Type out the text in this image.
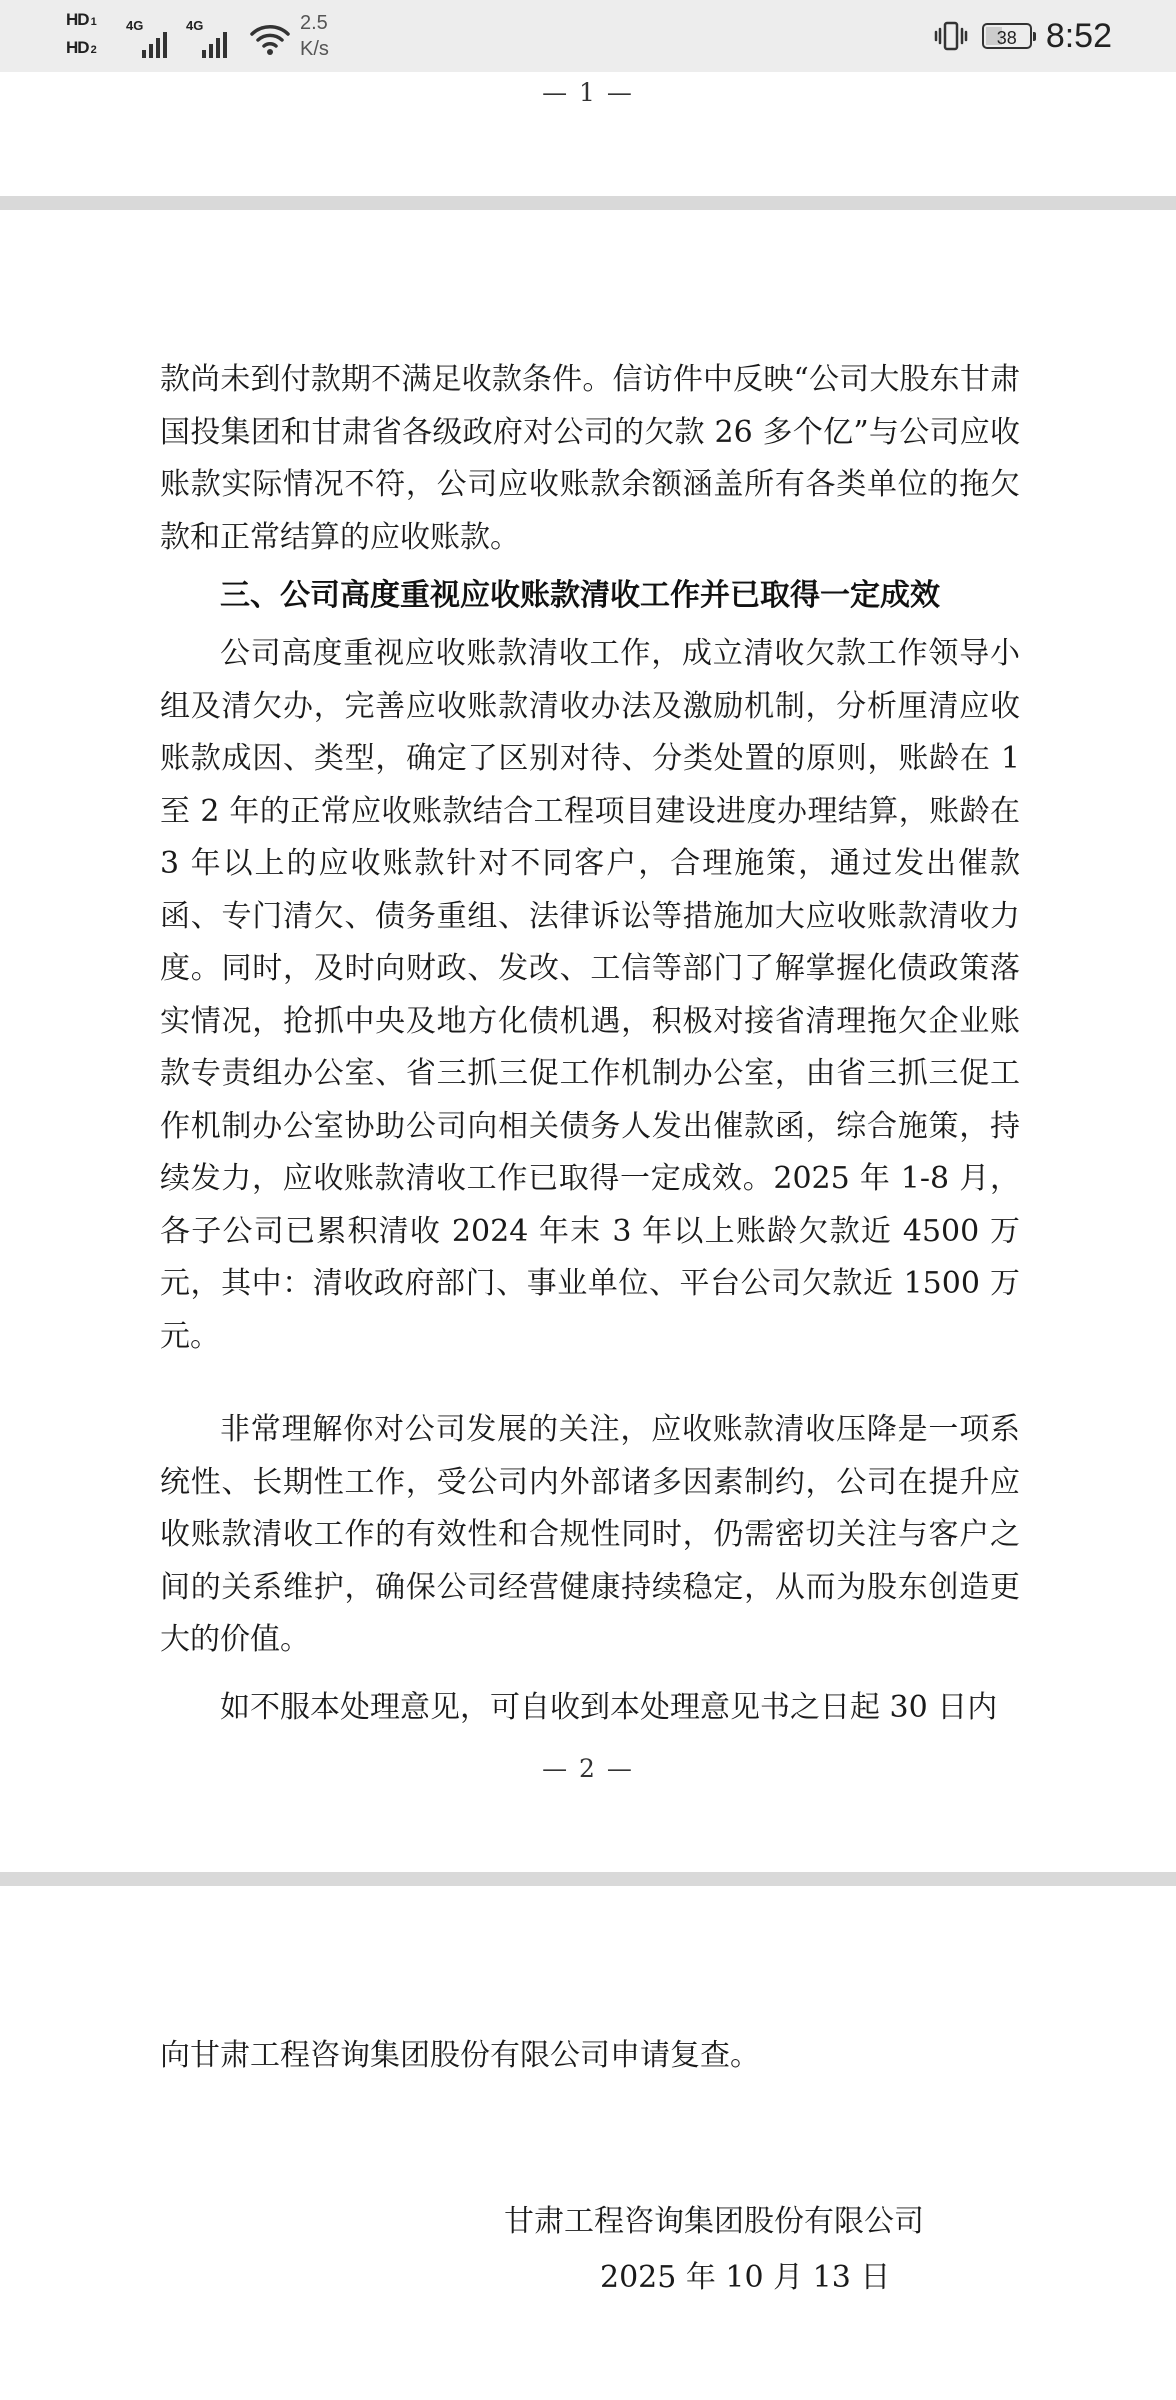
HD 1
HD 2
4G	4G	2.5
K/s	38 8:52
— 1 —

款尚未到付款期不满足收款条件。信访件中反映“公司大股东甘肃国投集团和甘肃省各级政府对公司的欠款 26 多个亿”与公司应收账款实际情况不符，公司应收账款余额涵盖所有各类单位的拖欠款和正常结算的应收账款。

三、公司高度重视应收账款清收工作并已取得一定成效

公司高度重视应收账款清收工作，成立清收欠款工作领导小组及清欠办，完善应收账款清收办法及激励机制，分析厘清应收账款成因、类型，确定了区别对待、分类处置的原则，账龄在 1 至 2 年的正常应收账款结合工程项目建设进度办理结算，账龄在 3 年以上的应收账款针对不同客户，合理施策，通过发出催款函、专门清欠、债务重组、法律诉讼等措施加大应收账款清收力度。同时，及时向财政、发改、工信等部门了解掌握化债政策落实情况，抢抓中央及地方化债机遇，积极对接省清理拖欠企业账款专责组办公室、省三抓三促工作机制办公室，由省三抓三促工作机制办公室协助公司向相关债务人发出催款函，综合施策，持续发力，应收账款清收工作已取得一定成效。2025 年 1-8 月，各子公司已累积清收 2024 年末 3 年以上账龄欠款近 4500 万元，其中：清收政府部门、事业单位、平台公司欠款近 1500 万元。

非常理解你对公司发展的关注，应收账款清收压降是一项系统性、长期性工作，受公司内外部诸多因素制约，公司在提升应收账款清收工作的有效性和合规性同时，仍需密切关注与客户之间的关系维护，确保公司经营健康持续稳定，从而为股东创造更大的价值。

如不服本处理意见，可自收到本处理意见书之日起 30 日内

— 2 —

向甘肃工程咨询集团股份有限公司申请复查。

甘肃工程咨询集团股份有限公司

2025 年 10 月 13 日
